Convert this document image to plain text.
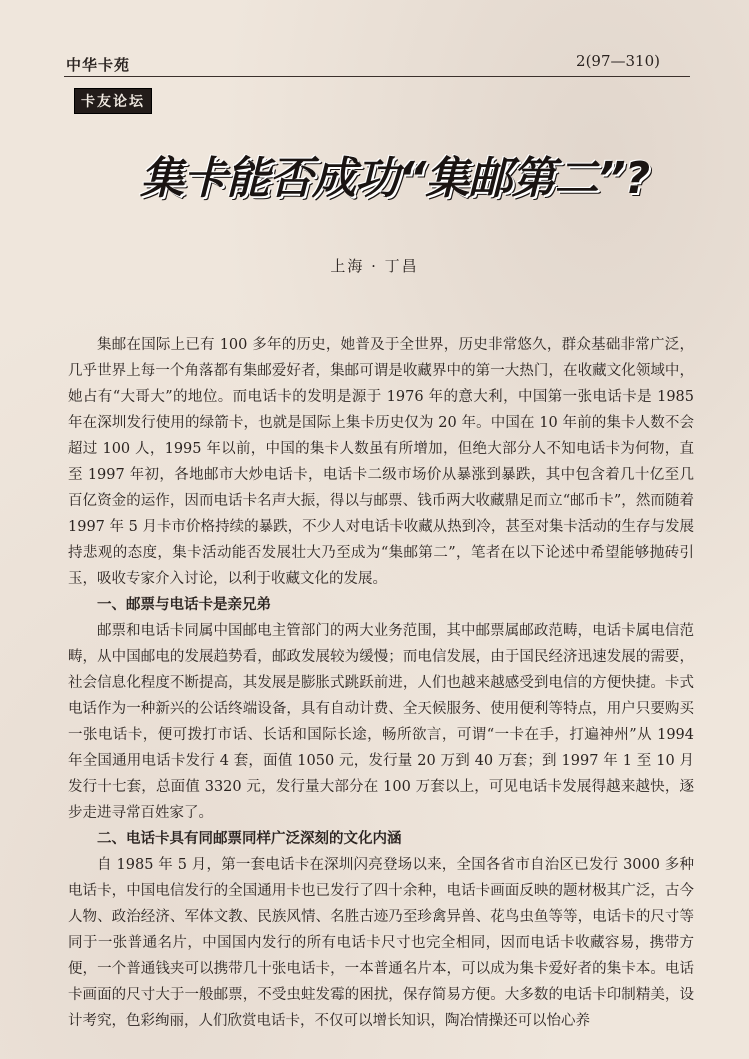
中华卡苑	2(97—310)
卡友论坛
集卡能否成功“集邮第二”?
上海 · 丁昌

集邮在国际上已有 100 多年的历史，她普及于全世界，历史非常悠久，群众基础非常广泛，几乎世界上每一个角落都有集邮爱好者，集邮可谓是收藏界中的第一大热门，在收藏文化领域中，她占有“大哥大”的地位。而电话卡的发明是源于 1976 年的意大利，中国第一张电话卡是 1985 年在深圳发行使用的绿箭卡，也就是国际上集卡历史仅为 20 年。中国在 10 年前的集卡人数不会超过 100 人，1995 年以前，中国的集卡人数虽有所增加，但绝大部分人不知电话卡为何物，直至 1997 年初，各地邮市大炒电话卡，电话卡二级市场价从暴涨到暴跌，其中包含着几十亿至几百亿资金的运作，因而电话卡名声大振，得以与邮票、钱币两大收藏鼎足而立“邮币卡”，然而随着 1997 年 5 月卡市价格持续的暴跌，不少人对电话卡收藏从热到冷，甚至对集卡活动的生存与发展持悲观的态度，集卡活动能否发展壮大乃至成为“集邮第二”，笔者在以下论述中希望能够抛砖引玉，吸收专家介入讨论，以利于收藏文化的发展。

一、邮票与电话卡是亲兄弟

邮票和电话卡同属中国邮电主管部门的两大业务范围，其中邮票属邮政范畴，电话卡属电信范畴，从中国邮电的发展趋势看，邮政发展较为缓慢；而电信发展，由于国民经济迅速发展的需要，社会信息化程度不断提高，其发展是膨胀式跳跃前进，人们也越来越感受到电信的方便快捷。卡式电话作为一种新兴的公话终端设备，具有自动计费、全天候服务、使用便利等特点，用户只要购买一张电话卡，便可拨打市话、长话和国际长途，畅所欲言，可谓“一卡在手，打遍神州”从 1994 年全国通用电话卡发行 4 套，面值 1050 元，发行量 20 万到 40 万套；到 1997 年 1 至 10 月发行十七套，总面值 3320 元，发行量大部分在 100 万套以上，可见电话卡发展得越来越快，逐步走进寻常百姓家了。

二、电话卡具有同邮票同样广泛深刻的文化内涵

自 1985 年 5 月，第一套电话卡在深圳闪亮登场以来，全国各省市自治区已发行 3000 多种电话卡，中国电信发行的全国通用卡也已发行了四十余种，电话卡画面反映的题材极其广泛，古今人物、政治经济、军体文教、民族风情、名胜古迹乃至珍禽异兽、花鸟虫鱼等等，电话卡的尺寸等同于一张普通名片，中国国内发行的所有电话卡尺寸也完全相同，因而电话卡收藏容易，携带方便，一个普通钱夹可以携带几十张电话卡，一本普通名片本，可以成为集卡爱好者的集卡本。电话卡画面的尺寸大于一般邮票，不受虫蛀发霉的困扰，保存简易方便。大多数的电话卡印制精美，设计考究，色彩绚丽，人们欣赏电话卡，不仅可以增长知识，陶冶情操还可以怡心养
